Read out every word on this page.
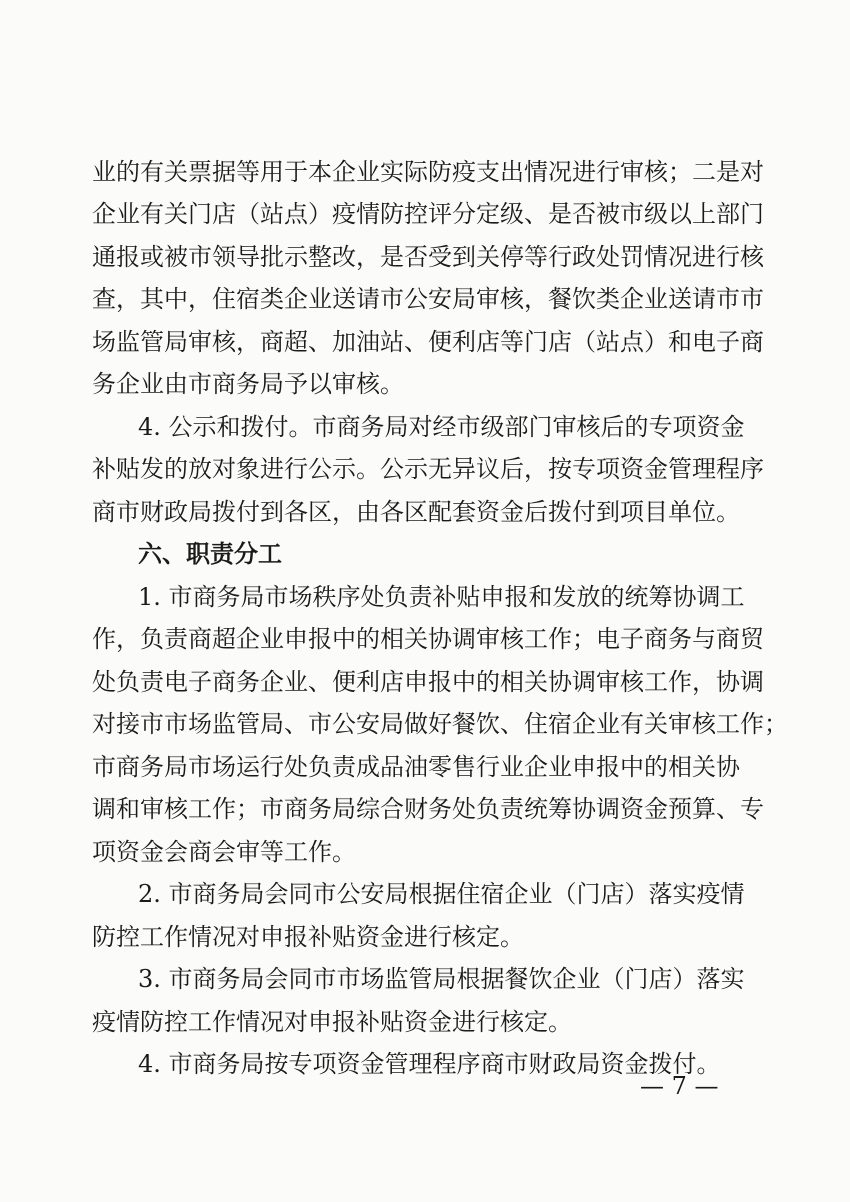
业的有关票据等用于本企业实际防疫支出情况进行审核；二是对
企业有关门店（站点）疫情防控评分定级、是否被市级以上部门
通报或被市领导批示整改，是否受到关停等行政处罚情况进行核
查，其中，住宿类企业送请市公安局审核，餐饮类企业送请市市
场监管局审核，商超、加油站、便利店等门店（站点）和电子商
务企业由市商务局予以审核。
4. 公示和拨付。市商务局对经市级部门审核后的专项资金
补贴发的放对象进行公示。公示无异议后，按专项资金管理程序
商市财政局拨付到各区，由各区配套资金后拨付到项目单位。
六、职责分工
1. 市商务局市场秩序处负责补贴申报和发放的统筹协调工
作，负责商超企业申报中的相关协调审核工作；电子商务与商贸
处负责电子商务企业、便利店申报中的相关协调审核工作，协调
对接市市场监管局、市公安局做好餐饮、住宿企业有关审核工作；
市商务局市场运行处负责成品油零售行业企业申报中的相关协
调和审核工作；市商务局综合财务处负责统筹协调资金预算、专
项资金会商会审等工作。
2. 市商务局会同市公安局根据住宿企业（门店）落实疫情
防控工作情况对申报补贴资金进行核定。
3. 市商务局会同市市场监管局根据餐饮企业（门店）落实
疫情防控工作情况对申报补贴资金进行核定。
4. 市商务局按专项资金管理程序商市财政局资金拨付。
— 7 —
